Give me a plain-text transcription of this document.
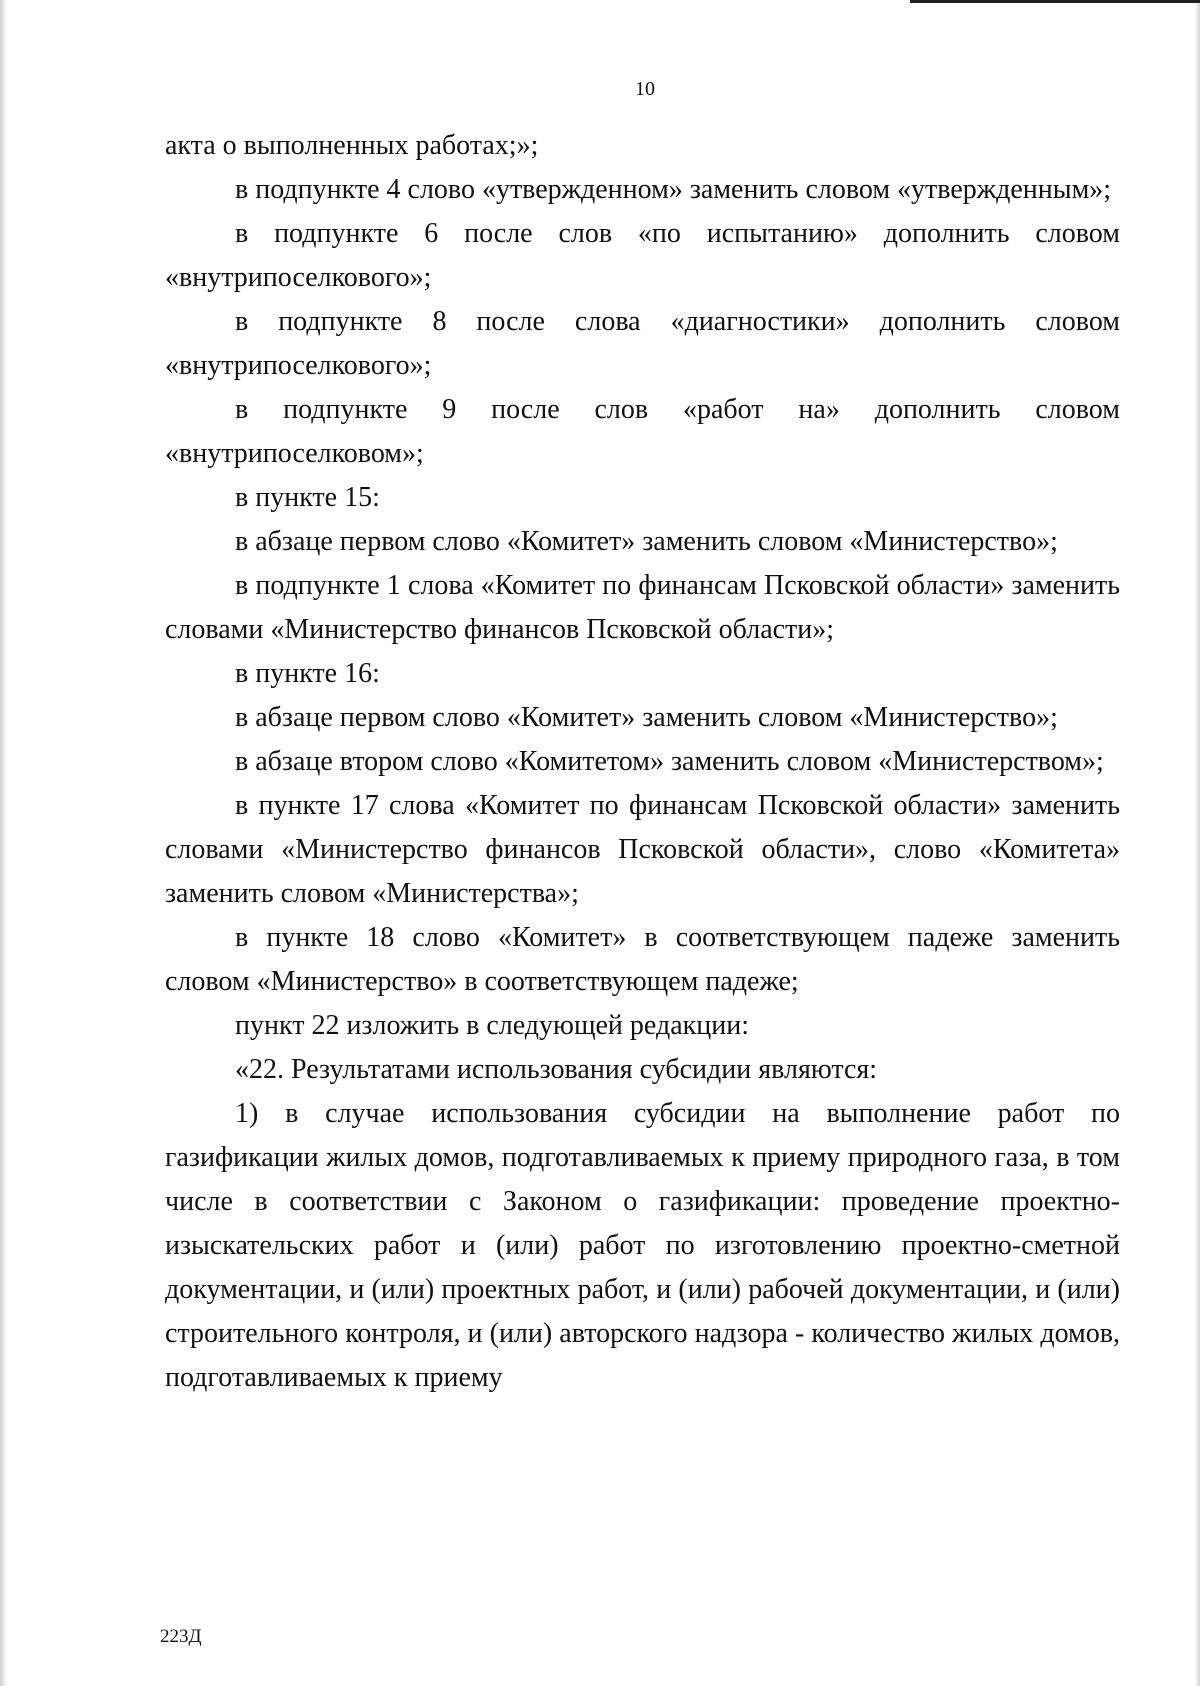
10

акта о выполненных работах;»;

в подпункте 4 слово «утвержденном» заменить словом «утвержденным»;

в подпункте 6 после слов «по испытанию» дополнить словом «внутрипоселкового»;

в подпункте 8 после слова «диагностики» дополнить словом «внутрипоселкового»;

в подпункте 9 после слов «работ на» дополнить словом «внутрипоселковом»;

в пункте 15:

в абзаце первом слово «Комитет» заменить словом «Министерство»;

в подпункте 1 слова «Комитет по финансам Псковской области» заменить словами «Министерство финансов Псковской области»;

в пункте 16:

в абзаце первом слово «Комитет» заменить словом «Министерство»;

в абзаце втором слово «Комитетом» заменить словом «Министерством»;

в пункте 17 слова «Комитет по финансам Псковской области» заменить словами «Министерство финансов Псковской области», слово «Комитета» заменить словом «Министерства»;

в пункте 18 слово «Комитет» в соответствующем падеже заменить словом «Министерство» в соответствующем падеже;

пункт 22 изложить в следующей редакции:

«22. Результатами использования субсидии являются:

1) в случае использования субсидии на выполнение работ по газификации жилых домов, подготавливаемых к приему природного газа, в том числе в соответствии с Законом о газификации: проведение проектно-изыскательских работ и (или) работ по изготовлению проектно-сметной документации, и (или) проектных работ, и (или) рабочей документации, и (или) строительного контроля, и (или) авторского надзора - количество жилых домов, подготавливаемых к приему

223Д
